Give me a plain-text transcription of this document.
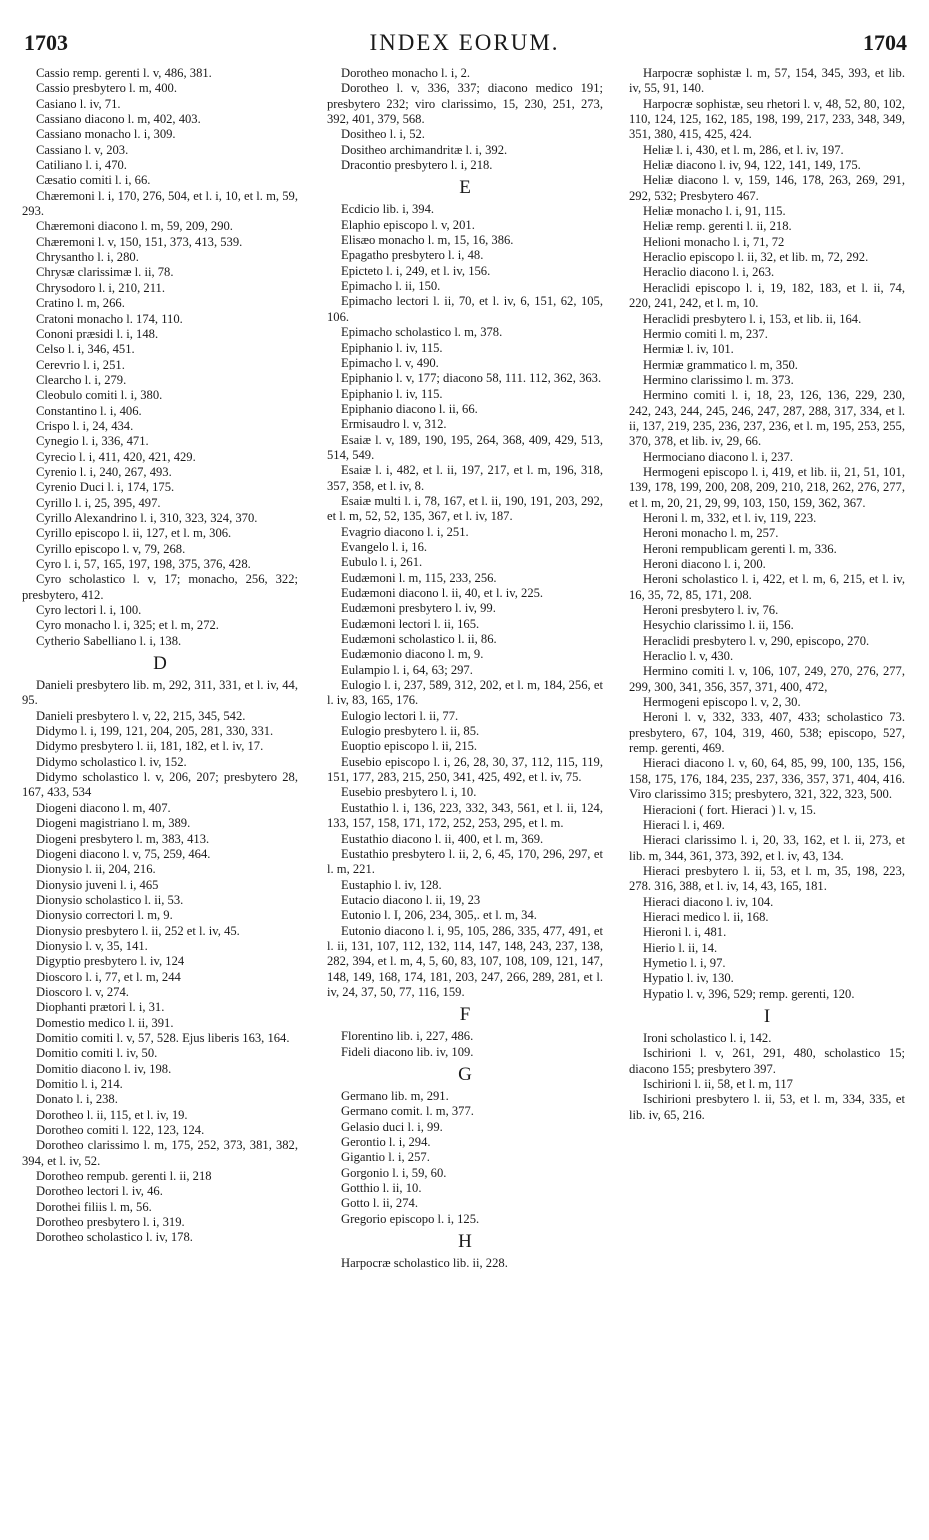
1703	INDEX EORUM.	1704
Cassio remp. gerenti l. v, 486, 381.
Cassio presbytero l. m, 400.
Casiano l. iv, 71.
Cassiano diacono l. m, 402, 403.
Cassiano monacho l. i, 309.
Cassiano l. v, 203.
Catiliano l. i, 470.
Cæsatio comiti l. i, 66.
Chæremoni l. i, 170, 276, 504, et l. i, 10, et l. m, 59, 293.
Chæremoni diacono l. m, 59, 209, 290.
Chæremoni l. v, 150, 151, 373, 413, 539.
Chrysantho l. i, 280.
Chrysæ clarissimæ l. ii, 78.
Chrysodoro l. i, 210, 211.
Cratino l. m, 266.
Cratoni monacho l. 174, 110.
Cononi præsidi l. i, 148.
Celso l. i, 346, 451.
Cerevrio l. i, 251.
Clearcho l. i, 279.
Cleobulo comiti l. i, 380.
Constantino l. i, 406.
Crispo l. i, 24, 434.
Cynegio l. i, 336, 471.
Cyrecio l. i, 411, 420, 421, 429.
Cyrenio l. i, 240, 267, 493.
Cyrenio Duci l. i, 174, 175.
Cyrillo l. i, 25, 395, 497.
Cyrillo Alexandrino l. i, 310, 323, 324, 370.
Cyrillo episcopo l. ii, 127, et l. m, 306.
Cyrillo episcopo l. v, 79, 268.
Cyro l. i, 57, 165, 197, 198, 375, 376, 428.
Cyro scholastico l. v, 17; monacho, 256, 322; presbytero, 412.
Cyro lectori l. i, 100.
Cyro monacho l. i, 325; et l. m, 272.
Cytherio Sabelliano l. i, 138.
D
Danieli presbytero lib. m, 292, 311, 331, et l. iv, 44, 95.
Danieli presbytero l. v, 22, 215, 345, 542.
Didymo l. i, 199, 121, 204, 205, 281, 330, 331.
Didymo presbytero l. ii, 181, 182, et l. iv, 17.
Didymo scholastico l. iv, 152.
Didymo scholastico l. v, 206, 207; presbytero 28, 167, 433, 534
Diogeni diacono l. m, 407.
Diogeni magistriano l. m, 389.
Diogeni presbytero l. m, 383, 413.
Diogeni diacono l. v, 75, 259, 464.
Dionysio l. ii, 204, 216.
Dionysio juveni l. i, 465
Dionysio scholastico l. ii, 53.
Dionysio correctori l. m, 9.
Dionysio presbytero l. ii, 252 et l. iv, 45.
Dionysio l. v, 35, 141.
Digyptio presbytero l. iv, 124
Dioscoro l. i, 77, et l. m, 244
Dioscoro l. v, 274.
Diophanti prætori l. i, 31.
Domestio medico l. ii, 391.
Domitio comiti l. v, 57, 528. Ejus liberis 163, 164.
Domitio comiti l. iv, 50.
Domitio diacono l. iv, 198.
Domitio l. i, 214.
Donato l. i, 238.
Dorotheo l. ii, 115, et l. iv, 19.
Dorotheo comiti l. 122, 123, 124.
Dorotheo clarissimo l. m, 175, 252, 373, 381, 382, 394, et l. iv, 52.
Dorotheo rempub. gerenti l. ii, 218
Dorotheo lectori l. iv, 46.
Dorothei filiis l. m, 56.
Dorotheo presbytero l. i, 319.
Dorotheo scholastico l. iv, 178.
Dorotheo monacho l. i, 2.
Dorotheo l. v, 336, 337; diacono medico 191; presbytero 232; viro clarissimo, 15, 230, 251, 273, 392, 401, 379, 568.
Dositheo l. i, 52.
Dositheo archimandritæ l. i, 392.
Dracontio presbytero l. i, 218.
E
Ecdicio lib. i, 394.
Elaphio episcopo l. v, 201.
Elisæo monacho l. m, 15, 16, 386.
Epagatho presbytero l. i, 48.
Epicteto l. i, 249, et l. iv, 156.
Epimacho l. ii, 150.
Epimacho lectori l. ii, 70, et l. iv, 6, 151, 62, 105, 106.
Epimacho scholastico l. m, 378.
Epiphanio l. iv, 115.
Epimacho l. v, 490.
Epiphanio l. v, 177; diacono 58, 111. 112, 362, 363.
Epiphanio l. iv, 115.
Epiphanio diacono l. ii, 66.
Ermisaudro l. v, 312.
Esaiæ l. v, 189, 190, 195, 264, 368, 409, 429, 513, 514, 549.
Esaiæ l. i, 482, et l. ii, 197, 217, et l. m, 196, 318, 357, 358, et l. iv, 8.
Esaiæ multi l. i, 78, 167, et l. ii, 190, 191, 203, 292, et l. m, 52, 52, 135, 367, et l. iv, 187.
Evagrio diacono l. i, 251.
Evangelo l. i, 16.
Eubulo l. i, 261.
Eudæmoni l. m, 115, 233, 256.
Eudæmoni diacono l. ii, 40, et l. iv, 225.
Eudæmoni presbytero l. iv, 99.
Eudæmoni lectori l. ii, 165.
Eudæmoni scholastico l. ii, 86.
Eudæmonio diacono l. m, 9.
Eulampio l. i, 64, 63; 297.
Eulogio l. i, 237, 589, 312, 202, et l. m, 184, 256, et l. iv, 83, 165, 176.
Eulogio lectori l. ii, 77.
Eulogio presbytero l. ii, 85.
Euoptio episcopo l. ii, 215.
Eusebio episcopo l. i, 26, 28, 30, 37, 112, 115, 119, 151, 177, 283, 215, 250, 341, 425, 492, et l. iv, 75.
Eusebio presbytero l. i, 10.
Eustathio l. i, 136, 223, 332, 343, 561, et l. ii, 124, 133, 157, 158, 171, 172, 252, 253, 295, et l. m.
Eustathio diacono l. ii, 400, et l. m, 369.
Eustathio presbytero l. ii, 2, 6, 45, 170, 296, 297, et l. m, 221.
Eustaphio l. iv, 128.
Eutacio diacono l. ii, 19, 23
Eutonio l. I, 206, 234, 305,. et l. m, 34.
Eutonio diacono l. i, 95, 105, 286, 335, 477, 491, et l. ii, 131, 107, 112, 132, 114, 147, 148, 243, 237, 138, 282, 394, et l. m, 4, 5, 60, 83, 107, 108, 109, 121, 147, 148, 149, 168, 174, 181, 203, 247, 266, 289, 281, et l. iv, 24, 37, 50, 77, 116, 159.
F
Florentino lib. i, 227, 486.
Fideli diacono lib. iv, 109.
G
Germano lib. m, 291.
Germano comit. l. m, 377.
Gelasio duci l. i, 99.
Gerontio l. i, 294.
Gigantio l. i, 257.
Gorgonio l. i, 59, 60.
Gotthio l. ii, 10.
Gotto l. ii, 274.
Gregorio episcopo l. i, 125.
H
Harpocræ scholastico lib. ii, 228.
Harpocræ sophistæ l. m, 57, 154, 345, 393, et lib. iv, 55, 91, 140.
Harpocræ sophistæ, seu rhetori l. v, 48, 52, 80, 102, 110, 124, 125, 162, 185, 198, 199, 217, 233, 348, 349, 351, 380, 415, 425, 424.
Heliæ l. i, 430, et l. m, 286, et l. iv, 197.
Heliæ diacono l. iv, 94, 122, 141, 149, 175.
Heliæ diacono l. v, 159, 146, 178, 263, 269, 291, 292, 532; Presbytero 467.
Heliæ monacho l. i, 91, 115.
Heliæ remp. gerenti l. ii, 218.
Helioni monacho l. i, 71, 72
Heraclio episcopo l. ii, 32, et lib. m, 72, 292.
Heraclio diacono l. i, 263.
Heraclidi episcopo l. i, 19, 182, 183, et l. ii, 74, 220, 241, 242, et l. m, 10.
Heraclidi presbytero l. i, 153, et lib. ii, 164.
Hermio comiti l. m, 237.
Hermiæ l. iv, 101.
Hermiæ grammatico l. m, 350.
Hermino clarissimo l. m. 373.
Hermino comiti l. i, 18, 23, 126, 136, 229, 230, 242, 243, 244, 245, 246, 247, 287, 288, 317, 334, et l. ii, 137, 219, 235, 236, 237, 236, et l. m, 195, 253, 255, 370, 378, et lib. iv, 29, 66.
Hermociano diacono l. i, 237.
Hermogeni episcopo l. i, 419, et lib. ii, 21, 51, 101, 139, 178, 199, 200, 208, 209, 210, 218, 262, 276, 277, et l. m, 20, 21, 29, 99, 103, 150, 159, 362, 367.
Heroni l. m, 332, et l. iv, 119, 223.
Heroni monacho l. m, 257.
Heroni rempublicam gerenti l. m, 336.
Heroni diacono l. i, 200.
Heroni scholastico l. i, 422, et l. m, 6, 215, et l. iv, 16, 35, 72, 85, 171, 208.
Heroni presbytero l. iv, 76.
Hesychio clarissimo l. ii, 156.
Heraclidi presbytero l. v, 290, episcopo, 270.
Heraclio l. v, 430.
Hermino comiti l. v, 106, 107, 249, 270, 276, 277, 299, 300, 341, 356, 357, 371, 400, 472,
Hermogeni episcopo l. v, 2, 30.
Heroni l. v, 332, 333, 407, 433; scholastico 73. presbytero, 67, 104, 319, 460, 538; episcopo, 527, remp. gerenti, 469.
Hieraci diacono l. v, 60, 64, 85, 99, 100, 135, 156, 158, 175, 176, 184, 235, 237, 336, 357, 371, 404, 416. Viro clarissimo 315; presbytero, 321, 322, 323, 500.
Hieracioni ( fort. Hieraci ) l. v, 15.
Hieraci l. i, 469.
Hieraci clarissimo l. i, 20, 33, 162, et l. ii, 273, et lib. m, 344, 361, 373, 392, et l. iv, 43, 134.
Hieraci presbytero l. ii, 53, et l. m, 35, 198, 223, 278. 316, 388, et l. iv, 14, 43, 165, 181.
Hieraci diacono l. iv, 104.
Hieraci medico l. ii, 168.
Hieroni l. i, 481.
Hierio l. ii, 14.
Hymetio l. i, 97.
Hypatio l. iv, 130.
Hypatio l. v, 396, 529; remp. gerenti, 120.
I
Ironi scholastico l. i, 142.
Ischirioni l. v, 261, 291, 480, scholastico 15; diacono 155; presbytero 397.
Ischirioni l. ii, 58, et l. m, 117
Ischirioni presbytero l. ii, 53, et l. m, 334, 335, et lib. iv, 65, 216.
